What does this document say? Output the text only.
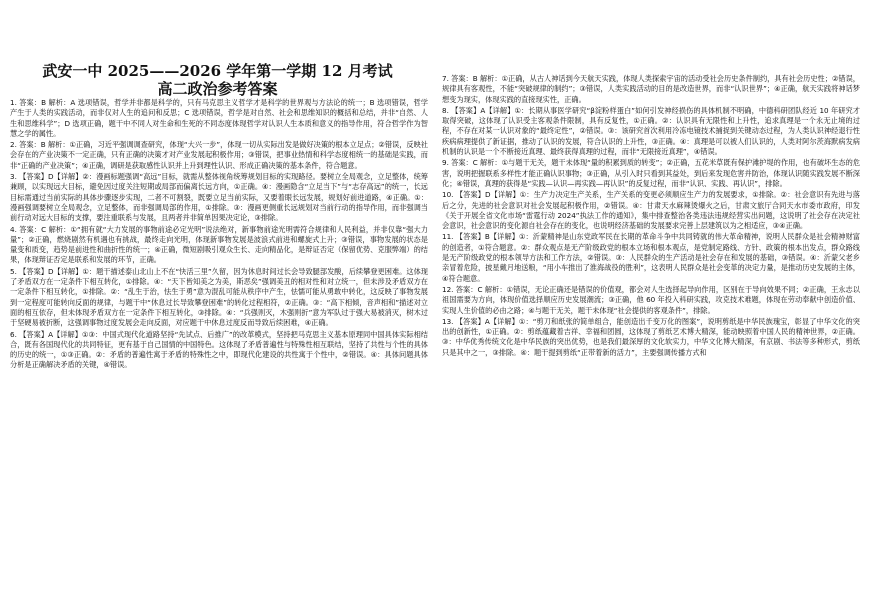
武安一中 2025——2026 学年第一学期 12 月考试
高二政治参考答案

1. 答案：B 解析：A 选项错误，哲学并非都是科学的，只有马克思主义哲学才是科学的世界观与方法论的统一；B 选项错误，哲学产生于人类的实践活动，而非仅对人生的追问和反思；C 选项错误，哲学是对自然、社会和思维知识的概括和总结，并非“自然、人生和思维科学”；D 选项正确，题干中不同人对生命和生死的不同态度体现哲学对认识人生本质和意义的指导作用，符合哲学作为智慧之学的属性。

2. 答案：B 解析：①正确，习近平强调调查研究，体现“大兴一步”，体现一切从实际出发是做好决策的根本立足点；②错误，反映社会存在的产业决策不一定正确，只有正确的决策才对产业发展起积极作用；③错误，把事业热情和科学态度相统一的基础是实践，而非“正确的产业决策”；④正确，调研是获取感性认识并上升到理性认识、形成正确决策的基本条件，符合题意。

3. 【答案】D【详解】②：漫画标题强调“高远”目标，就需从整体视角统筹规划目标的实现路径。要树立全局观念，立足整体，统筹兼顾，以实现远大目标，避免因过度关注短期或局部而偏离长远方向，①正确。④：漫画隐含“立足当下”与“志存高远”的统一，长远目标需通过当前实际的具体步骤逐步实现，二者不可割裂，既要立足当前实际，又要着眼长远发展，规划好前进道路，④正确。①：漫画强调要树立全局观念，立足整体，而非强调局部的作用，①排除。③：漫画更侧重长远规划对当前行动的指导作用，而非强调当前行动对远大目标的支撑，要注重联系与发展，且两者并非简单因果决定论，③排除。

4. 答案：C 解析：①“拥有就“大力发展的事物前途必定光明”说法绝对，新事物前途光明需符合规律和人民利益，并非仅靠“强大力量”；②正确，燃烧剧然有机遇也有挑战，最终走向光明，体现新事物发展是波浪式前进和螺旋式上升；③错误，事物发展的状态是量变和质变，趋势是前进性和曲折性的统一；④正确，微短剧吸引观众生长、走向精品化，是辩证否定（保留优势、克服弊端）的结果，体现辩证否定是联系和发展的环节，正确。

5. 【答案】D【详解】①：题干描述泰山北山上不在“快活三里”久留，因为休息时间过长会导致腿部发酸，后续攀登更困难。这体现了矛盾双方在一定条件下相互转化，①排除。④：“天下皆知美之为美，斯恶矣”强调美丑的相对性和对立统一，但未涉及矛盾双方在一定条件下相互转化，①排除。②：“乱生于治，怯生于勇”意为混乱可能从秩序中产生，怯懦可能从勇敢中转化，这反映了事物发展到一定程度可能转向反面的规律，与题干中“休息过长导致攀登困难”的转化过程相符，②正确。③：“高下相倾，音声相和”描述对立面的相互依存，但未体现矛盾双方在一定条件下相互转化，③排除。④：“兵强则灭，木强则折”意为军队过于强大易被消灭，树木过于坚硬易被折断，这强调事物过度发展会走向反面，对应题干中休息过度反而导致后续困难，④正确。

6. 【答案】A【详解】①③：中国式现代化道路坚持“先试点、后推广”的改革模式，坚持把马克思主义基本原理同中国具体实际相结合，既有各国现代化的共同特征，更有基于自己国情的中国特色。这体现了矛盾普遍性与特殊性相互联结，坚持了共性与个性的具体的历史的统一，①③正确。②：矛盾的普遍性寓于矛盾的特殊性之中，即现代化建设的共性寓于个性中，②错误。④：具体问题具体分析是正确解决矛盾的关键，④错误。

7. 答案：B 解析：①正确，从古人神话到今天航天实践，体现人类探索宇宙的活动受社会历史条件制约，具有社会历史性；②错误，规律具有客观性，不能“突破规律的制约”；③错误，人类实践活动的目的是改造世界，而非“认识世界”；④正确，航天实践将神话梦想变为现实，体现实践的直接现实性，正确。

8. 【答案】A【详解】①：长期从事医学研究“β淀粉样蛋白”如何引发神经损伤的具体机制不明确，中德科研团队经近 10 年研究才取得突破，这体现了认识受主客观条件限制，具有反复性，①正确。②：认识具有无限性和上升性，追求真理是一个永无止境的过程，不存在对某一认识对象的“最终定性”，②错误。③：该研究首次利用冷冻电镜技术捕捉到关键动态过程，为人类认识神经退行性疾病病理提供了新证据，推动了认识的发展，符合认识的上升性，③正确。④：真理是可以被人们认识的，人类对阿尔茨海默病发病机制的认识是一个不断接近真理、最终获得真理的过程，而非“无限接近真理”，④错误。

9. 答案：C 解析：①与题干无关，题干未体现“量的积累到质的转变”；②正确，五花米草既有保护滩护堤的作用，也有破坏生态的危害，说明把握联系多样性才能正确认识事物；③正确，从引入时只看到其益处，到后来发现危害并防治，体现认识随实践发展不断深化；④错误，真理的获得是“实践—认识—再实践—再认识”的反复过程，而非“认识、实践、再认识”，排除。

10. 【答案】D【详解】①：生产力决定生产关系，生产关系的变更必须顺应生产力的发展要求，①排除。②：社会意识有先进与落后之分，先进的社会意识对社会发展起积极作用，②错误。④：甘肃天水麻辣烫爆火之后，甘肃文旅厅合同天水市委市政府，印发《关于开展全省文化市场“雷霆行动 2024”执法工作的通知》，集中排查整治各类违法违规经营实出问题，这说明了社会存在决定社会意识，社会意识的变化源自社会存在的变化，也说明经济基础的发展要求完善上层建筑以为之相适应，③④正确。

11. 【答案】B【详解】①：沂蒙精神是山东党政军民在长期的革命斗争中共同铸就的伟大革命精神，说明人民群众是社会精神财富的创造者，①符合题意。②：群众观点是无产阶级政党的根本立场和根本观点，是党制定路线、方针、政策的根本出发点，群众路线是无产阶级政党的根本领导方法和工作方法，②错误。③：人民群众的生产活动是社会存在和发展的基础，③错误。④：沂蒙父老乡亲冒着危险，披星戴月地送粮，“用小车推出了淮海战役的胜利”，这表明人民群众是社会变革的决定力量，是推动历史发展的主体，④符合题意。

12. 答案：C 解析：①错误，无论正确还是错误的价值观，都会对人生选择起导向作用，区别在于导向效果不同；②正确，王永志以祖国需要为方向，体现价值选择顺应历史发展潮流；③正确，他 60 年投入科研实践，攻克技术难题，体现在劳动奉献中创造价值、实现人生价值的必由之路；④与题干无关，题干未体现“社会提供的客观条件”，排除。

13. 【答案】A【详解】①：“剪刀和纸张的简单组合，能创造出千变万化的图案”，说明剪纸是中华民族瑰宝，彰显了中华文化的突出的创新性，①正确。②：剪纸蕴藏着吉祥、幸福和团圆，这体现了剪纸艺术博大精深，能动映照着中国人民的精神世界，②正确。③：中华优秀传统文化是中华民族的突出优势，也是我们最深厚的文化软实力，中华文化博大精深，有京剧、书法等多种形式，剪纸只是其中之一，③排除。④：题干提到剪纸“正带着新的活力”，主要强调传播方式和
